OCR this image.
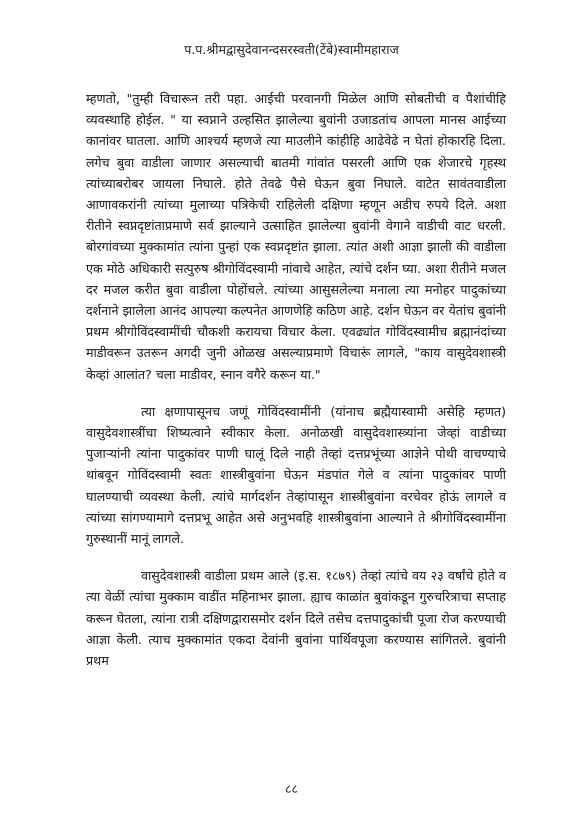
प.प.श्रीमद्वासुदेवानन्दसरस्वती(टेंबे)स्वामीमहाराज

म्हणतो, "तुम्ही विचारून तरी पहा. आईची परवानगी मिळेल आणि सोबतीची व पैशांचीहि व्यवस्थाहि होईल. " या स्वप्नाने उल्हसित झालेल्या बुवांनी उजाडतांच आपला मानस आईच्या कानांवर घातला. आणि आश्चर्य म्हणजे त्या माउलीने कांहीहि आढेवेढे न घेतां होकारहि दिला. लगेच बुवा वाडीला जाणार असल्याची बातमी गांवांत पसरली आणि एक शेजारचे गृहस्थ त्यांच्याबरोबर जायला निघाले. होते तेवढे पैसे घेऊन बुवा निघाले. वाटेत सावंतवाडीला आणावकरांनी त्यांच्या मुलाच्या पत्रिकेची राहिलेली दक्षिणा म्हणून अडीच रुपये दिले. अशा रीतीने स्वप्नदृष्टांताप्रमाणे सर्व झाल्याने उत्साहित झालेल्या बुवांनी वेगाने वाडीची वाट धरली. बोरगांवच्या मुक्कामांत त्यांना पुन्हां एक स्वप्नदृष्टांत झाला. त्यांत अशी आज्ञा झाली की वाडीला एक मोठे अधिकारी सत्पुरुष श्रीगोविंदस्वामी नांवाचे आहेत, त्यांचे दर्शन घ्या. अशा रीतीने मजल दर मजल करीत बुवा वाडीला पोहोंचले. त्यांच्या आसुसलेल्या मनाला त्या मनोहर पादुकांच्या दर्शनाने झालेला आनंद आपल्या कल्पनेत आणणेहि कठिण आहे. दर्शन घेऊन वर येतांच बुवांनी प्रथम श्रीगोविंदस्वामींची चौकशी करायचा विचार केला. एवढ्यांत गोविंदस्वामीच ब्रह्मानंदांच्या माडीवरून उतरून अगदी जुनी ओळख असल्याप्रमाणे विचारूं लागले, "काय वासुदेवशास्त्री केव्हां आलांत? चला माडीवर, स्नान वगैरे करून या."

त्या क्षणापासूनच जणूं गोविंदस्वामींनी (यांनाच ब्रह्मैयास्वामी असेहि म्हणत) वासुदेवशास्त्रींचा शिष्यत्वाने स्वीकार केला. अनोळखी वासुदेवशास्त्र्यांना जेव्हां वाडीच्या पुजाऱ्यांनी त्यांना पादुकांवर पाणी घालूं दिले नाही तेव्हां दत्तप्रभूंच्या आज्ञेने पोथी वाचण्याचे थांबवून गोविंदस्वामी स्वतः शास्त्रीबुवांना घेऊन मंडपांत गेले व त्यांना पादुकांवर पाणी घालण्याची व्यवस्था केली. त्यांचे मार्गदर्शन तेव्हांपासून शास्त्रीबुवांना वरचेवर होऊं लागले व त्यांच्या सांगण्यामागे दत्तप्रभू आहेत असे अनुभवहि शास्त्रीबुवांना आल्याने ते श्रीगोविंदस्वामींना गुरुस्थानीं मानूं लागले.

वासुदेवशास्त्री वाडीला प्रथम आले (इ.स. १८७९) तेव्हां त्यांचे वय २३ वर्षांचे होते व त्या वेळीं त्यांचा मुक्काम वाडींत महिनाभर झाला. ह्याच काळांत बुवांकडून गुरुचरित्राचा सप्ताह करून घेतला, त्यांना रात्री दक्षिणद्वारासमोर दर्शन दिले तसेच दत्तपादुकांची पूजा रोज करण्याची आज्ञा केली. त्याच मुक्कामांत एकदा देवांनी बुवांना पार्थिवपूजा करण्यास सांगितले. बुवांनी प्रथम

८८
